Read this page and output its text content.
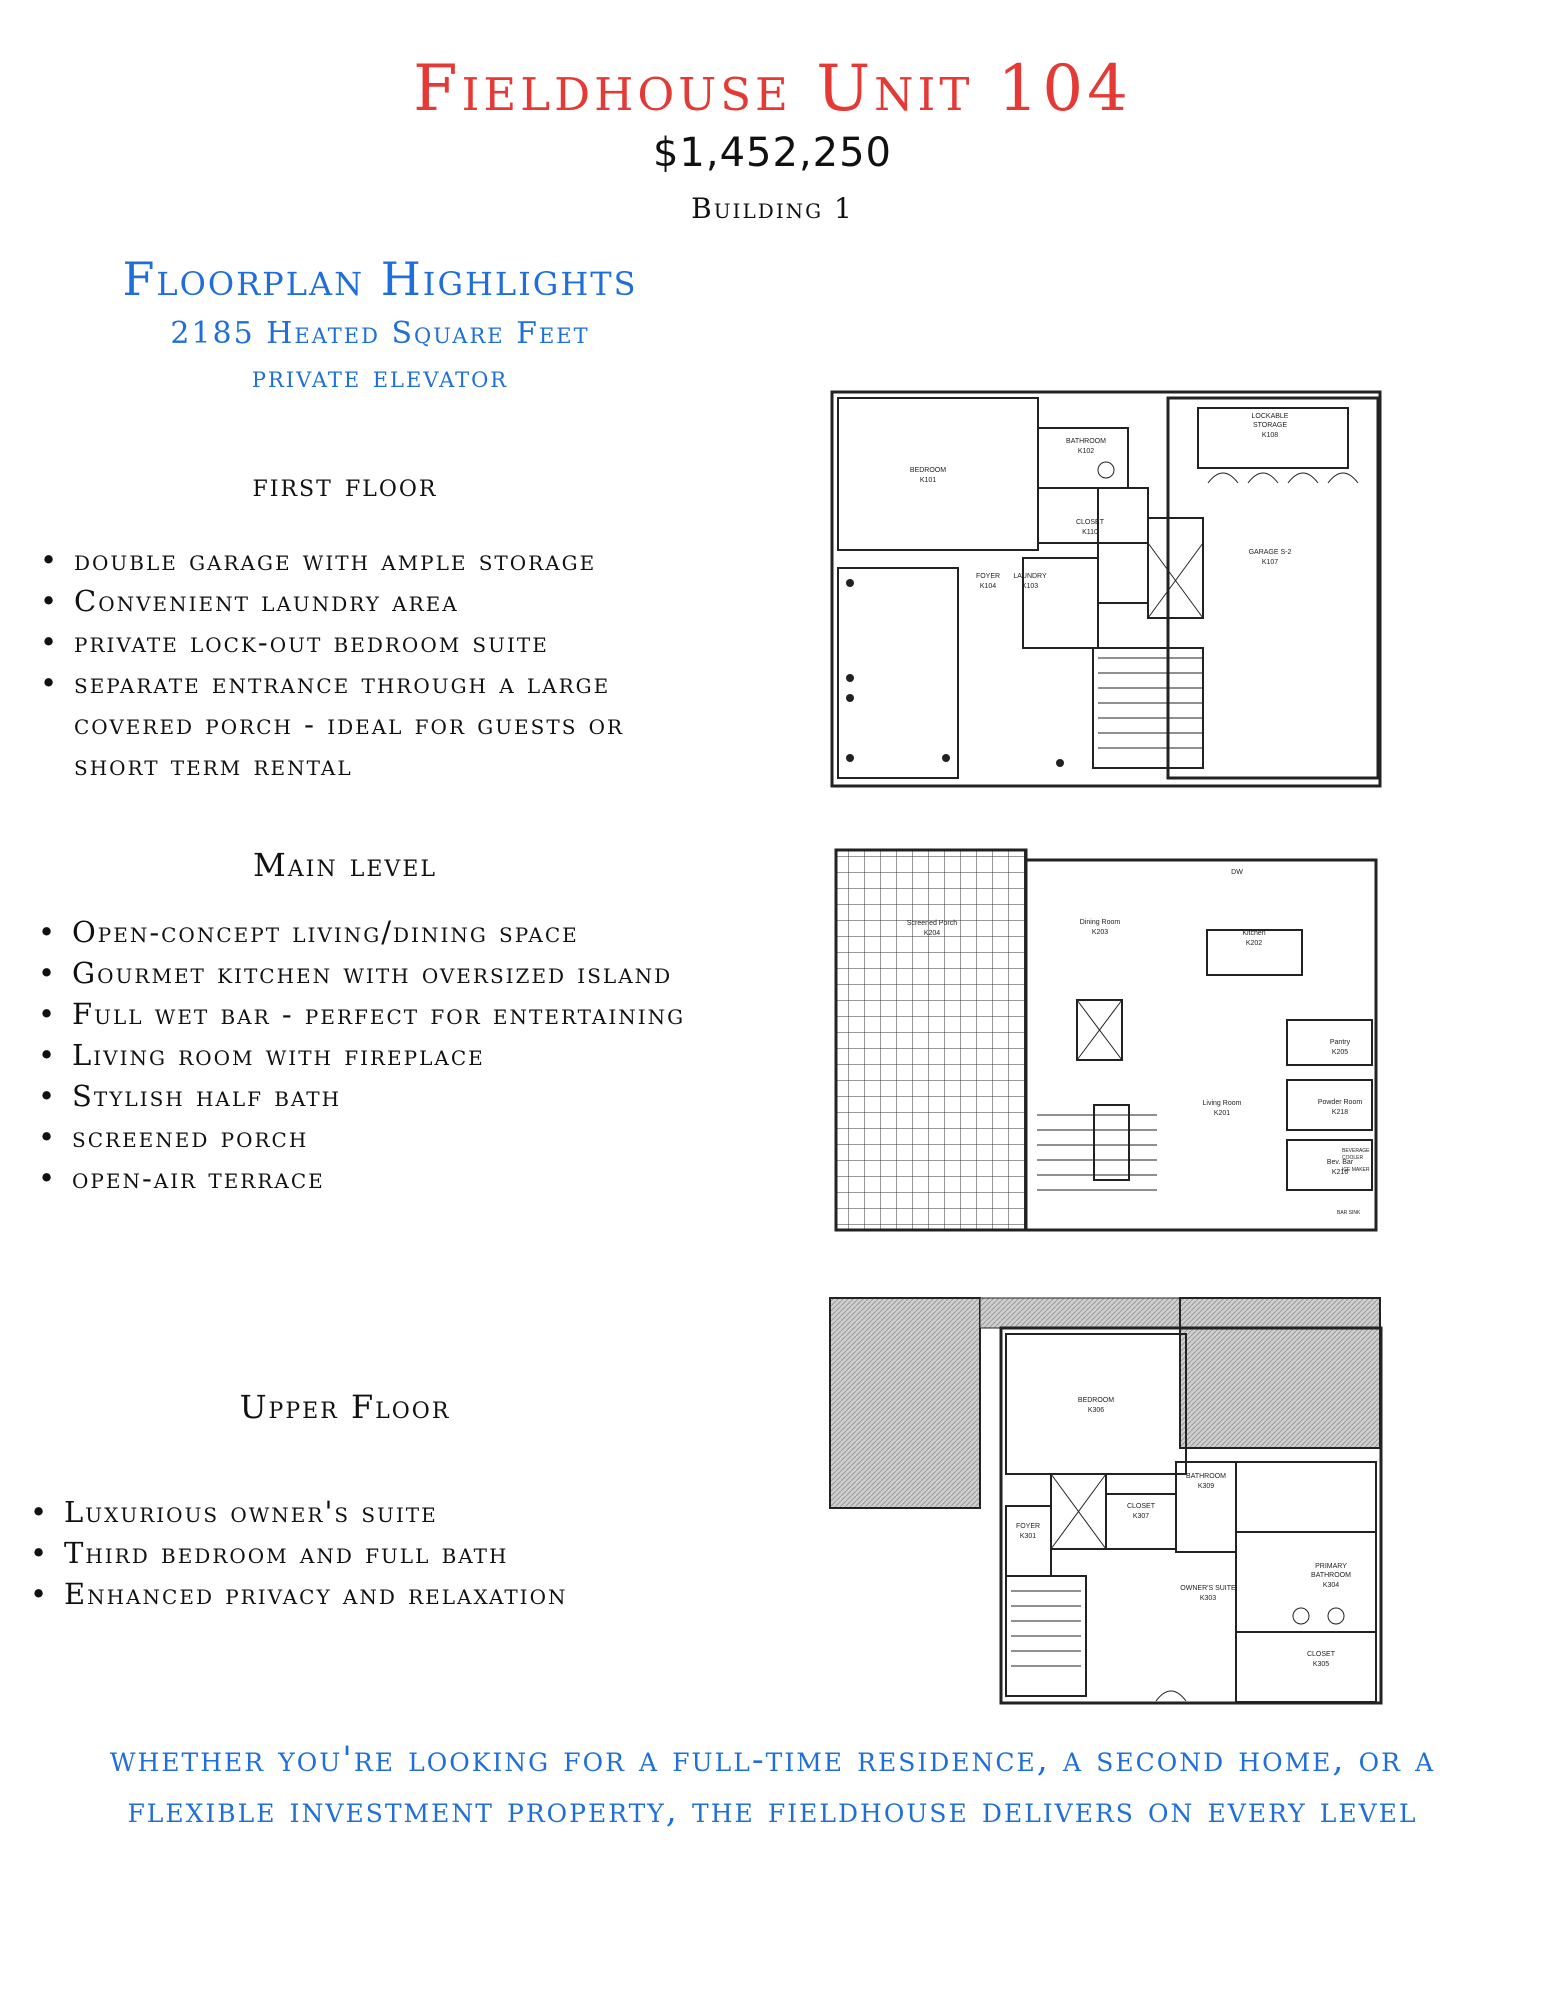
Fieldhouse Unit 104
$1,452,250
Building 1
Floorplan Highlights
2185 Heated Square Feet
private elevator
first floor
• double garage with ample storage
• Convenient laundry area
• private lock-out bedroom suite
• separate entrance through a large covered porch - ideal for guests or short term rental
Main level
• Open-concept living/dining space
• Gourmet kitchen with oversized island
• Full wet bar - perfect for entertaining
• Living room with fireplace
• Stylish half bath
• screened porch
• open-air terrace
Upper Floor
• Luxurious owner's suite
• Third bedroom and full bath
• Enhanced privacy and relaxation
BEDROOM
K101
BATHROOM
K102
CLOSET
K110
FOYER
K104
LAUNDRY
K103
LOCKABLE
STORAGE
K108
GARAGE S-2
K107
Screened Porch
K204
Dining Room
K203	Kitchen
K202
Pantry
K205
Powder Room
K218
Living Room
K201
Bev. Bar
K216
DW
BEVERAGE
COOLER
ICE MAKER
BAR SINK
BEDROOM
K306
BATHROOM
K309
CLOSET
K307
FOYER
K301
OWNER'S SUITE
K303
PRIMARY
BATHROOM
K304
CLOSET
K305
whether you're looking for a full-time residence, a second home, or a flexible investment property, the fieldhouse delivers on every level
